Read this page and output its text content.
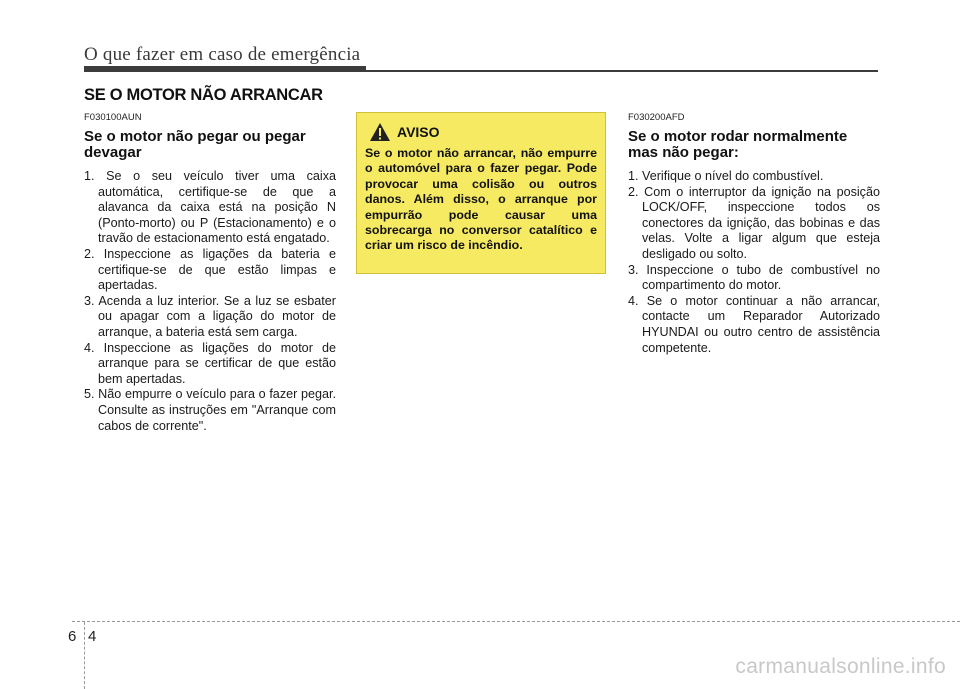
O que fazer em caso de emergência
SE O MOTOR NÃO ARRANCAR
F030100AUN
Se o motor não pegar ou pegar devagar
1. Se o seu veículo tiver uma caixa automática, certifique-se de que a alavanca da caixa está na posição N (Ponto-morto) ou P (Estacionamento) e o travão de estacionamento está engatado.
2. Inspeccione as ligações da bateria e certifique-se de que estão limpas e apertadas.
3. Acenda a luz interior. Se a luz se esbater ou apagar com a ligação do motor de arranque, a bateria está sem carga.
4. Inspeccione as ligações do motor de arranque para se certificar de que estão bem apertadas.
5. Não empurre o veículo para o fazer pegar. Consulte as instruções em "Arranque com cabos de corrente".
AVISO
Se o motor não arrancar, não empurre o automóvel para o fazer pegar. Pode provocar uma colisão ou outros danos. Além disso, o arranque por empurrão pode causar uma sobrecarga no conversor catalítico e criar um risco de incêndio.
F030200AFD
Se o motor rodar normalmente mas não pegar:
1. Verifique o nível do combustível.
2. Com o interruptor da ignição na posição LOCK/OFF, inspeccione todos os conectores da ignição, das bobinas e das velas. Volte a ligar algum que esteja desligado ou solto.
3. Inspeccione o tubo de combustível no compartimento do motor.
4. Se o motor continuar a não arrancar, contacte um Reparador Autorizado HYUNDAI ou outro centro de assistência competente.
6 4
carmanualsonline.info
